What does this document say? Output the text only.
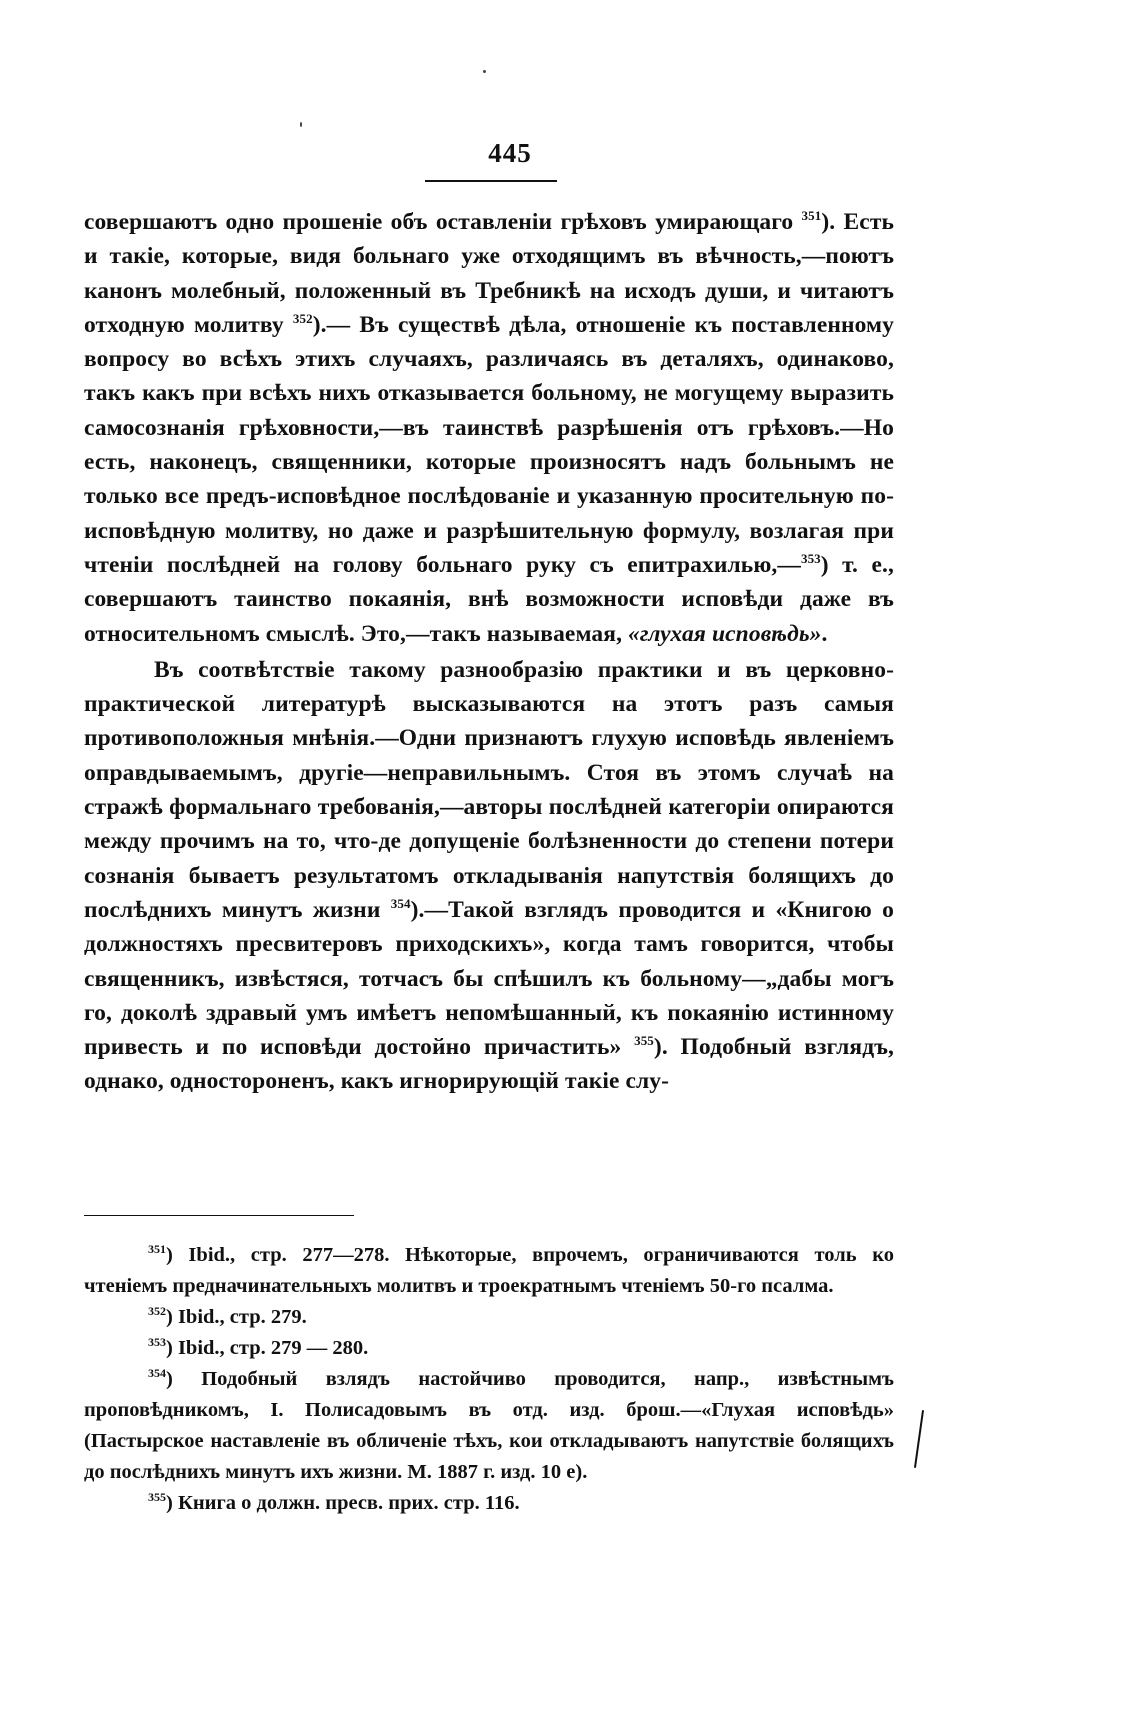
445

совершаютъ одно прошеніе объ оставленіи грѣховъ умирающаго $^{351}$). Есть и такіе, которые, видя больнаго уже отходящимъ въ вѣчность,—поютъ канонъ молебный, положенный въ Требникѣ на исходъ души, и читаютъ отходную молитву $^{352}$).— Въ существѣ дѣла, отношеніе къ поставленному вопросу во всѣхъ этихъ случаяхъ, различаясь въ деталяхъ, одинаково, такъ какъ при всѣхъ нихъ отказывается больному, не могущему выразить самосознанія грѣховности,—въ таинствѣ разрѣшенія отъ грѣховъ.—Но есть, наконецъ, священники, которые произносятъ надъ больнымъ не только все предъ-исповѣдное послѣдованіе и указанную просительную по-исповѣдную молитву, но даже и разрѣшительную формулу, возлагая при чтеніи послѣдней на голову больнаго руку съ епитрахилью,—$^{353}$) т. е., совершаютъ таинство покаянія, внѣ возможности исповѣди даже въ относительномъ смыслѣ. Это,—такъ называемая, «глухая исповѣдь».

Въ соотвѣтствіе такому разнообразію практики и въ церковно-практической литературѣ высказываются на этотъ разъ самыя противоположныя мнѣнія.—Одни признаютъ глухую исповѣдь явленіемъ оправдываемымъ, другіе—неправильнымъ. Стоя въ этомъ случаѣ на стражѣ формальнаго требованія,—авторы послѣдней категоріи опираются между прочимъ на то, что-де допущеніе болѣзненности до степени потери сознанія бываетъ результатомъ откладыванія напутствія болящихъ до послѣднихъ минутъ жизни $^{354}$).—Такой взглядъ проводится и «Книгою о должностяхъ пресвитеровъ приходскихъ», когда тамъ говорится, чтобы священникъ, извѣстяся, тотчасъ бы спѣшилъ къ больному—„дабы могъ го, доколѣ здравый умъ имѣетъ непомѣшанный, къ покаянію истинному привесть и по исповѣди достойно причастить» $^{355}$). Подобный взглядъ, однако, одностороненъ, какъ игнорирующій такіе слу-

$^{351}$) Ibid., стр. 277—278. Нѣкоторые, впрочемъ, ограничиваются толь ко чтеніемъ предначинательныхъ молитвъ и троекратнымъ чтеніемъ 50-го псалма.

$^{352}$) Ibid., стр. 279.

$^{353}$) Ibid., стр. 279 — 280.

$^{354}$) Подобный взлядъ настойчиво проводится, напр., извѣстнымъ проповѣдникомъ, І. Полисадовымъ въ отд. изд. брош.—«Глухая исповѣдь» (Пастырское наставленіе въ обличеніе тѣхъ, кои откладываютъ напутствіе болящихъ до послѣднихъ минутъ ихъ жизни. М. 1887 г. изд. 10 е).

$^{355}$) Книга о должн. пресв. прих. стр. 116.
